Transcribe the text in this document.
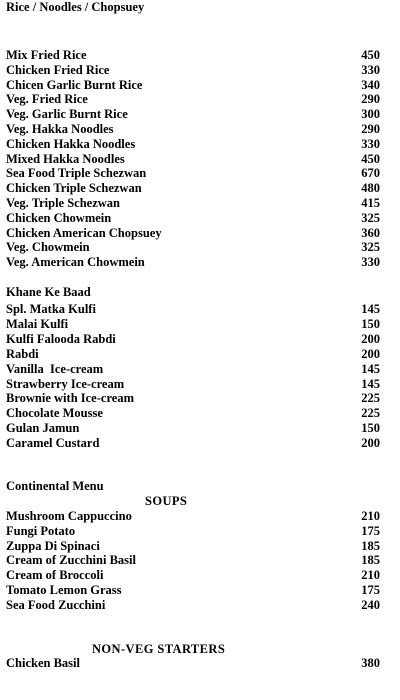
Rice / Noodles / Chopsuey
Mix Fried Rice	450
Chicken Fried Rice	330
Chicen Garlic Burnt Rice	340
Veg. Fried Rice	290
Veg. Garlic Burnt Rice	300
Veg. Hakka Noodles	290
Chicken Hakka Noodles	330
Mixed Hakka Noodles	450
Sea Food Triple Schezwan	670
Chicken Triple Schezwan	480
Veg. Triple Schezwan	415
Chicken Chowmein	325
Chicken American Chopsuey	360
Veg. Chowmein	325
Veg. American Chowmein	330
Khane Ke Baad
Spl. Matka Kulfi	145
Malai Kulfi	150
Kulfi Falooda Rabdi	200
Rabdi	200
Vanilla  Ice-cream	145
Strawberry Ice-cream	145
Brownie with Ice-cream	225
Chocolate Mousse	225
Gulan Jamun	150
Caramel Custard	200
Continental Menu
SOUPS
Mushroom Cappuccino	210
Fungi Potato	175
Zuppa Di Spinaci	185
Cream of Zucchini Basil	185
Cream of Broccoli	210
Tomato Lemon Grass	175
Sea Food Zucchini	240
NON-VEG STARTERS
Chicken Basil	380
